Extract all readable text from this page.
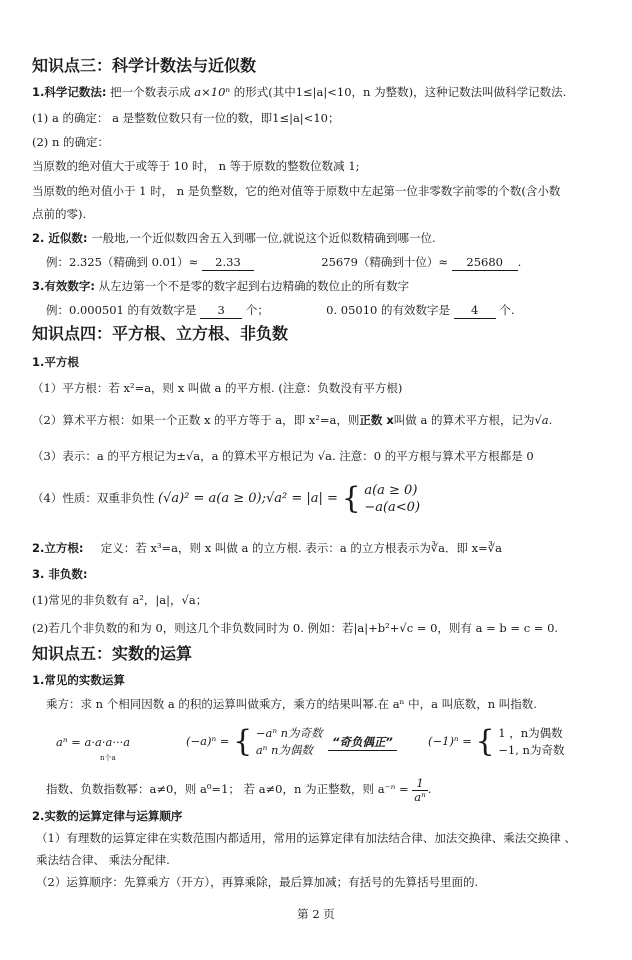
知识点三：科学计数法与近似数
1.科学记数法: 把一个数表示成 a×10ⁿ 的形式(其中1≤|a|<10，n 为整数)，这种记数法叫做科学记数法.
(1) a 的确定： a 是整数位数只有一位的数，即1≤|a|<10；
(2) n 的确定：
当原数的绝对值大于或等于 10 时， n 等于原数的整数位数减 1;
当原数的绝对值小于 1 时， n 是负整数，它的绝对值等于原数中左起第一位非零数字前零的个数(含小数
点前的零).
2. 近似数: 一般地,一个近似数四舍五入到哪一位,就说这个近似数精确到哪一位.
例：2.325（精确到 0.01）≈ 2.33	25679（精确到十位）≈ 25680 .
3.有效数字: 从左边第一个不是零的数字起到右边精确的数位止的所有数字
例：0.000501 的有效数字是 3 个；	0. 05010 的有效数字是 4 个.
知识点四：平方根、立方根、非负数
1.平方根
（1）平方根：若 x²=a，则 x 叫做 a 的平方根. (注意：负数没有平方根)
（2）算术平方根：如果一个正数 x 的平方等于 a，即 x²=a，则正数 x叫做 a 的算术平方根，记为√a.
（3）表示：a 的平方根记为±√a，a 的算术平方根记为 √a. 注意：0 的平方根与算术平方根都是 0
（4）性质：双重非负性 (√a)² = a(a ≥ 0);√a² = |a| = { a(a ≥ 0)
−a(a<0)
2.立方根: 定义：若 x³=a，则 x 叫做 a 的立方根. 表示：a 的立方根表示为∛a．即 x=∛a
3. 非负数:
(1)常见的非负数有 a²，|a|，√a；
(2)若几个非负数的和为 0，则这几个非负数同时为 0. 例如：若|a|+b²+√c = 0，则有 a = b = c = 0.
知识点五：实数的运算
1.常见的实数运算
乘方：求 n 个相同因数 a 的积的运算叫做乘方，乘方的结果叫幂.在 aⁿ 中，a 叫底数，n 叫指数.
aⁿ = a·a·a···a
n个a
(−a)ⁿ = { −aⁿ n为奇数
aⁿ n为偶数
“奇负偶正”	(−1)ⁿ = { 1 ，n为偶数
−1, n为奇数
指数、负数指数幂：a≠0，则 a⁰=1； 若 a≠0，n 为正整数，则 $a^{-n} = \frac{1}{\text{aⁿ}}$ .
2.实数的运算定律与运算顺序
（1）有理数的运算定律在实数范围内都适用，常用的运算定律有加法结合律、加法交换律、乘法交换律 、
乘法结合律、 乘法分配律.
（2）运算顺序：先算乘方（开方），再算乘除，最后算加减；有括号的先算括号里面的.
第 2 页
